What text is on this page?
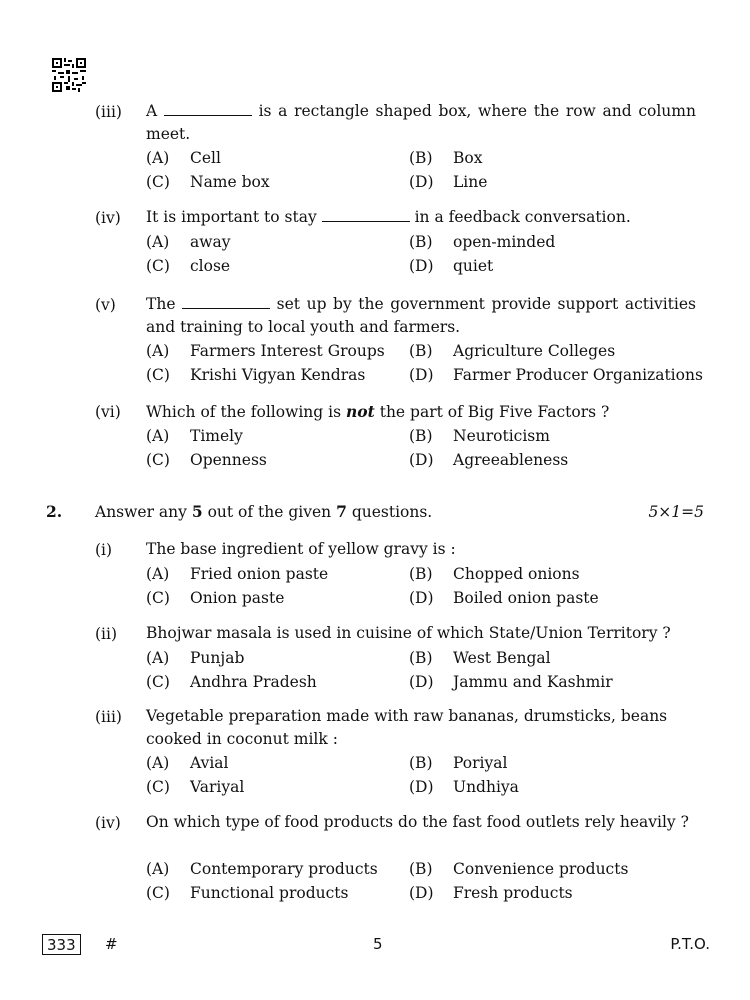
(iii) A	is a rectangle shaped box, where the row and column meet.
(A) Cell	(B) Box
(C) Name box	(D) Line
(iv) It is important to stay	in a feedback conversation.
(A) away	(B) open-minded
(C) close	(D) quiet
(v) The	set up by the government provide support activities and training to local youth and farmers.
(A) Farmers Interest Groups (B) Agriculture Colleges
(C) Krishi Vigyan Kendras	(D) Farmer Producer Organizations
(vi) Which of the following is not the part of Big Five Factors ?
(A) Timely	(B) Neuroticism
(C) Openness	(D) Agreeableness
2. Answer any 5 out of the given 7 questions.	5×1=5
(i) The base ingredient of yellow gravy is :
(A) Fried onion paste	(B) Chopped onions
(C) Onion paste	(D) Boiled onion paste
(ii) Bhojwar masala is used in cuisine of which State/Union Territory ?
(A) Punjab	(B) West Bengal
(C) Andhra Pradesh	(D) Jammu and Kashmir
(iii) Vegetable preparation made with raw bananas, drumsticks, beans cooked in coconut milk :
(A) Avial	(B) Poriyal
(C) Variyal	(D) Undhiya
(iv) On which type of food products do the fast food outlets rely heavily ?
(A) Contemporary products (B) Convenience products
(C) Functional products	(D) Fresh products
333	#	5	P.T.O.
